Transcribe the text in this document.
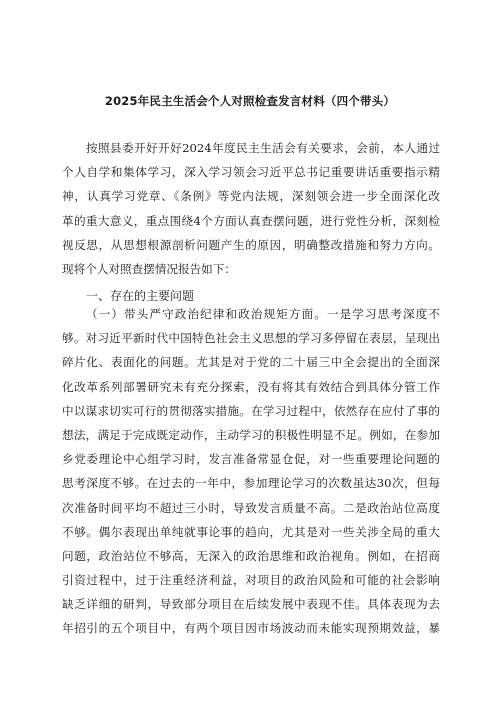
2025年民主生活会个人对照检查发言材料（四个带头）
按照县委开好开好2024年度民主生活会有关要求，会前，本人通过
个人自学和集体学习，深入学习领会习近平总书记重要讲话重要指示精
神，认真学习党章、《条例》等党内法规，深刻领会进一步全面深化改
革的重大意义，重点围绕4个方面认真查摆问题，进行党性分析，深刻检
视反思，从思想根源剖析问题产生的原因，明确整改措施和努力方向。
现将个人对照查摆情况报告如下：
一、存在的主要问题
（一）带头严守政治纪律和政治规矩方面。一是学习思考深度不
够。对习近平新时代中国特色社会主义思想的学习多停留在表层，呈现出
碎片化、表面化的问题。尤其是对于党的二十届三中全会提出的全面深
化改革系列部署研究未有充分探索，没有将其有效结合到具体分管工作
中以谋求切实可行的贯彻落实措施。在学习过程中，依然存在应付了事的
想法，满足于完成既定动作，主动学习的积极性明显不足。例如，在参加
乡党委理论中心组学习时，发言准备常显仓促，对一些重要理论问题的
思考深度不够。在过去的一年中，参加理论学习的次数虽达30次，但每
次准备时间平均不超过三小时，导致发言质量不高。二是政治站位高度
不够。偶尔表现出单纯就事论事的趋向，尤其是对一些关涉全局的重大
问题，政治站位不够高，无深入的政治思维和政治视角。例如，在招商
引资过程中，过于注重经济利益，对项目的政治风险和可能的社会影响
缺乏详细的研判，导致部分项目在后续发展中表现不佳。具体表现为去
年招引的五个项目中，有两个项目因市场波动而未能实现预期效益，暴
